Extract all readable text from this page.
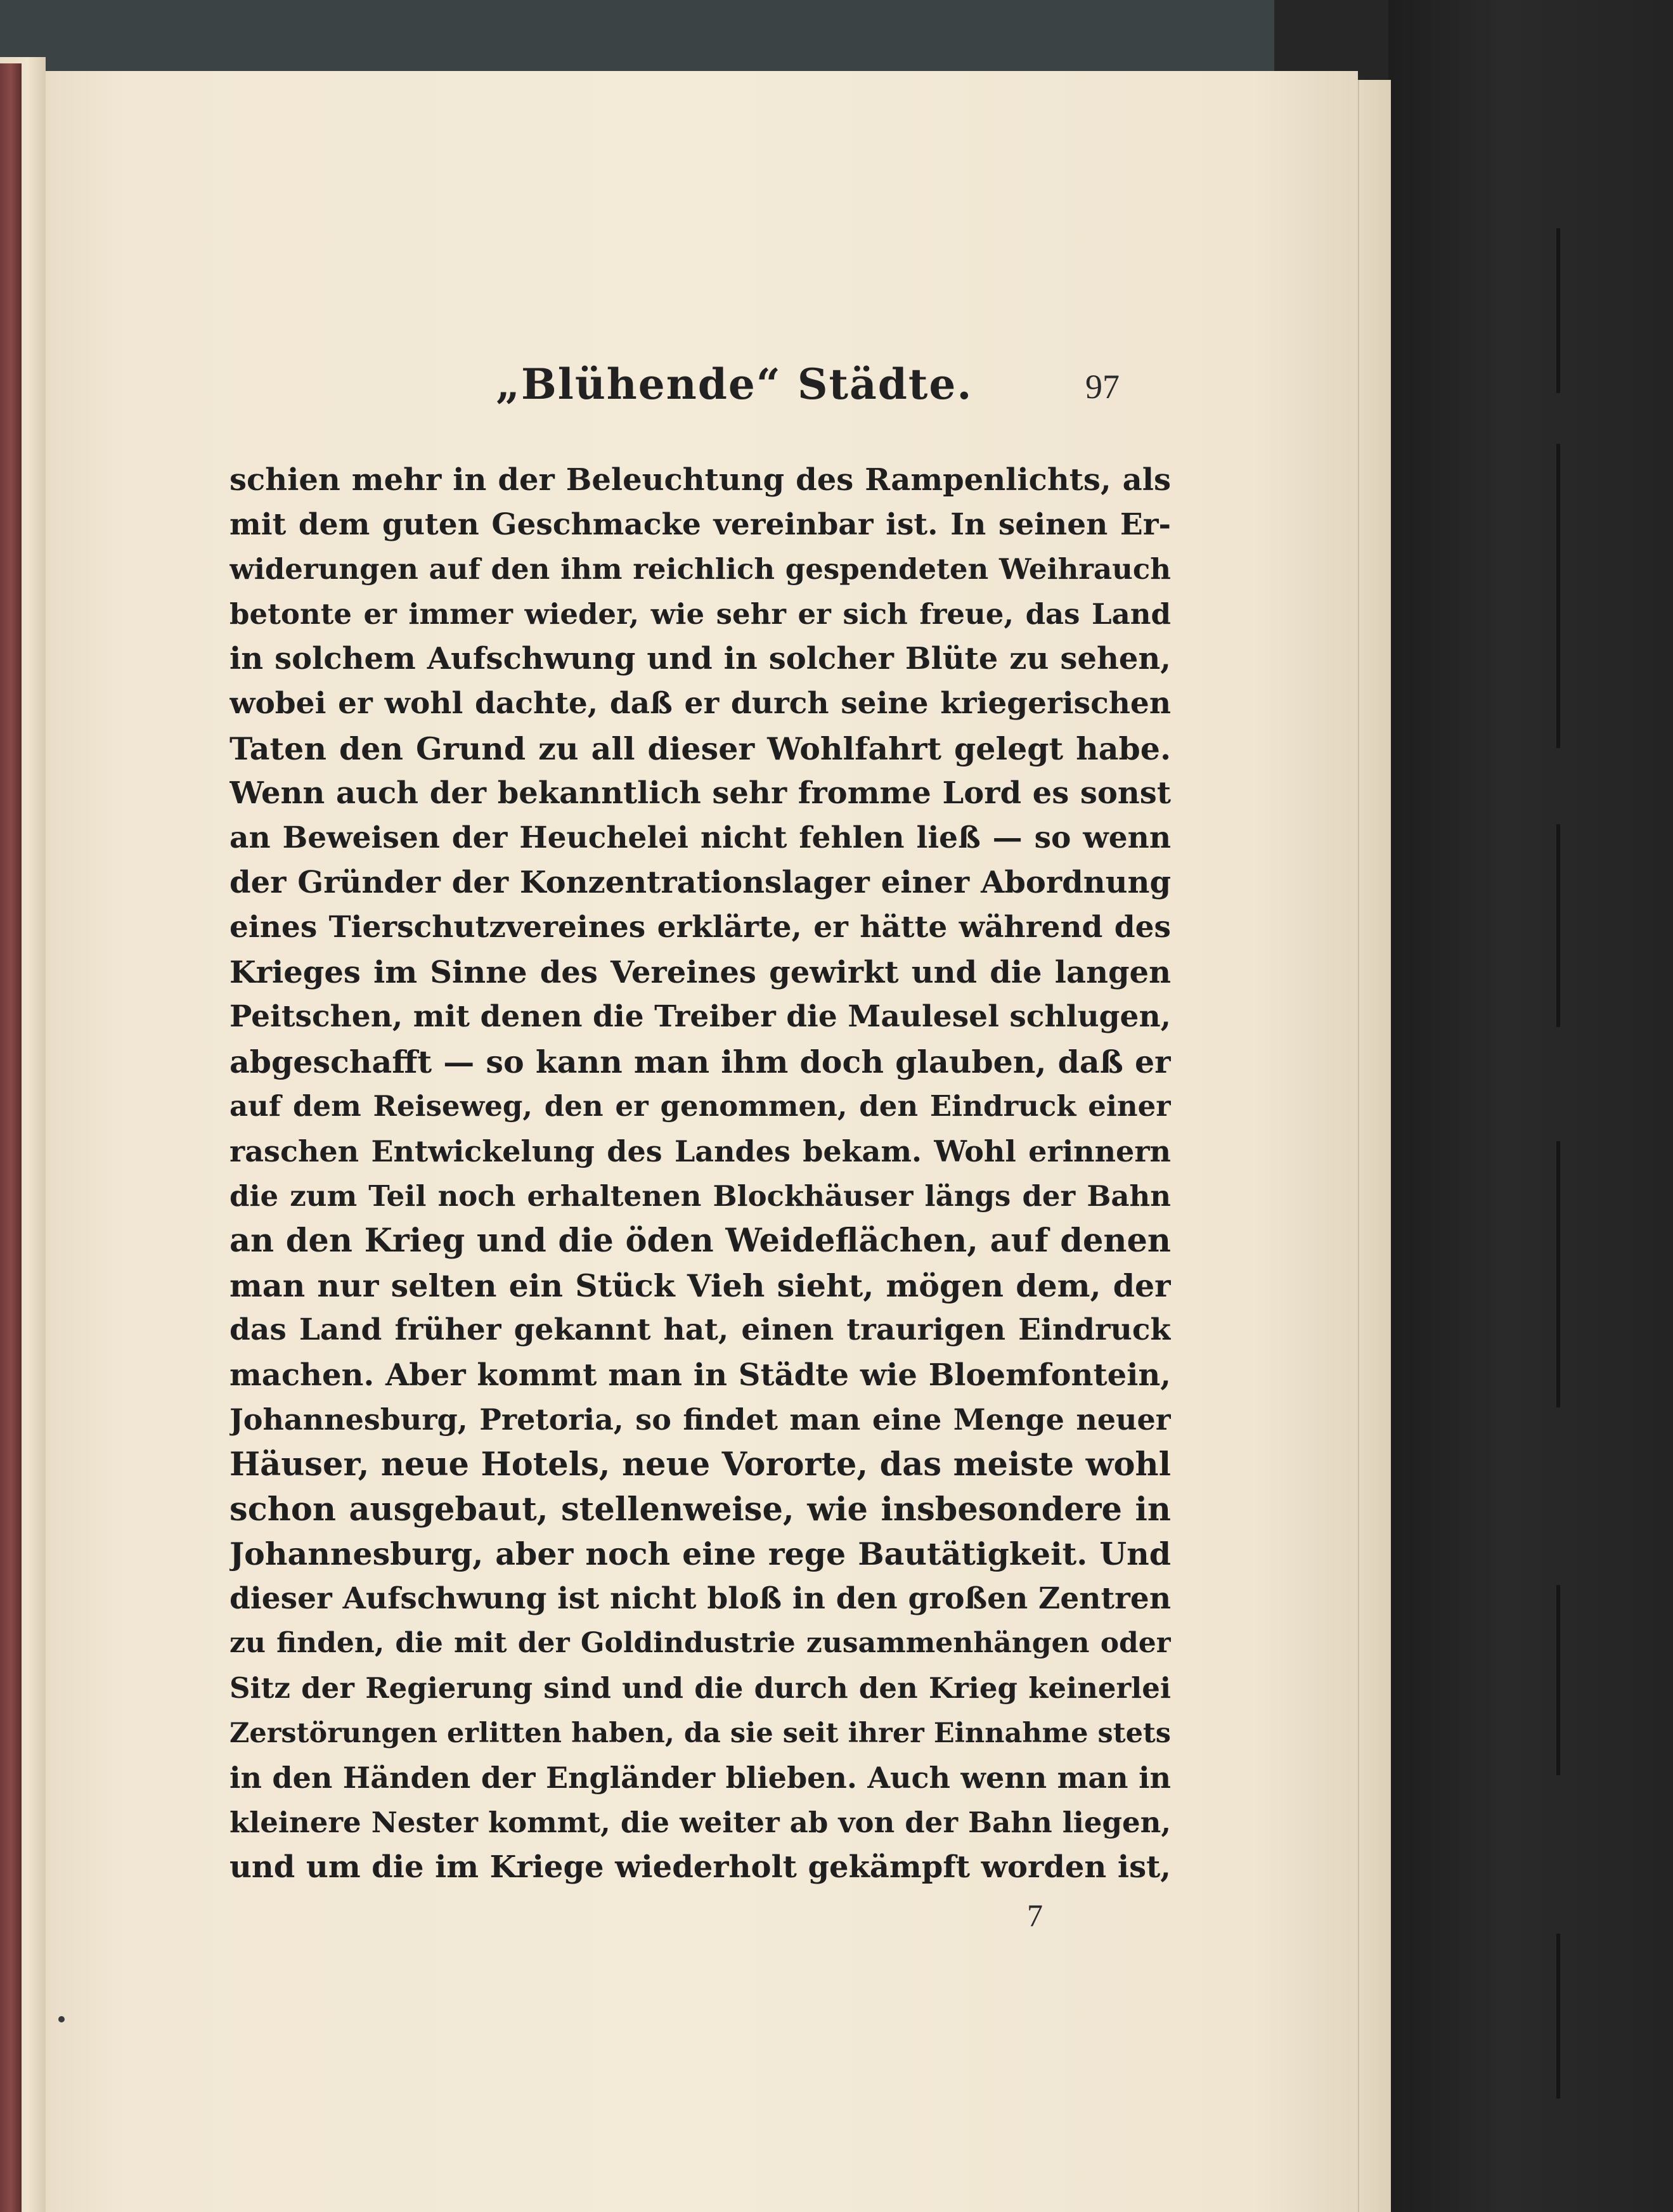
„Blühende“ Städte.	97
schien mehr in der Beleuchtung des Rampenlichts, als
mit dem guten Geschmacke vereinbar ist. In seinen Er-
widerungen auf den ihm reichlich gespendeten Weihrauch
betonte er immer wieder, wie sehr er sich freue, das Land
in solchem Aufschwung und in solcher Blüte zu sehen,
wobei er wohl dachte, daß er durch seine kriegerischen
Taten den Grund zu all dieser Wohlfahrt gelegt habe.
Wenn auch der bekanntlich sehr fromme Lord es sonst
an Beweisen der Heuchelei nicht fehlen ließ — so wenn
der Gründer der Konzentrationslager einer Abordnung
eines Tierschutzvereines erklärte, er hätte während des
Krieges im Sinne des Vereines gewirkt und die langen
Peitschen, mit denen die Treiber die Maulesel schlugen,
abgeschafft — so kann man ihm doch glauben, daß er
auf dem Reiseweg, den er genommen, den Eindruck einer
raschen Entwickelung des Landes bekam. Wohl erinnern
die zum Teil noch erhaltenen Blockhäuser längs der Bahn
an den Krieg und die öden Weideflächen, auf denen
man nur selten ein Stück Vieh sieht, mögen dem, der
das Land früher gekannt hat, einen traurigen Eindruck
machen. Aber kommt man in Städte wie Bloemfontein,
Johannesburg, Pretoria, so findet man eine Menge neuer
Häuser, neue Hotels, neue Vororte, das meiste wohl
schon ausgebaut, stellenweise, wie insbesondere in
Johannesburg, aber noch eine rege Bautätigkeit. Und
dieser Aufschwung ist nicht bloß in den großen Zentren
zu finden, die mit der Goldindustrie zusammenhängen oder
Sitz der Regierung sind und die durch den Krieg keinerlei
Zerstörungen erlitten haben, da sie seit ihrer Einnahme stets
in den Händen der Engländer blieben. Auch wenn man in
kleinere Nester kommt, die weiter ab von der Bahn liegen,
und um die im Kriege wiederholt gekämpft worden ist,
7
